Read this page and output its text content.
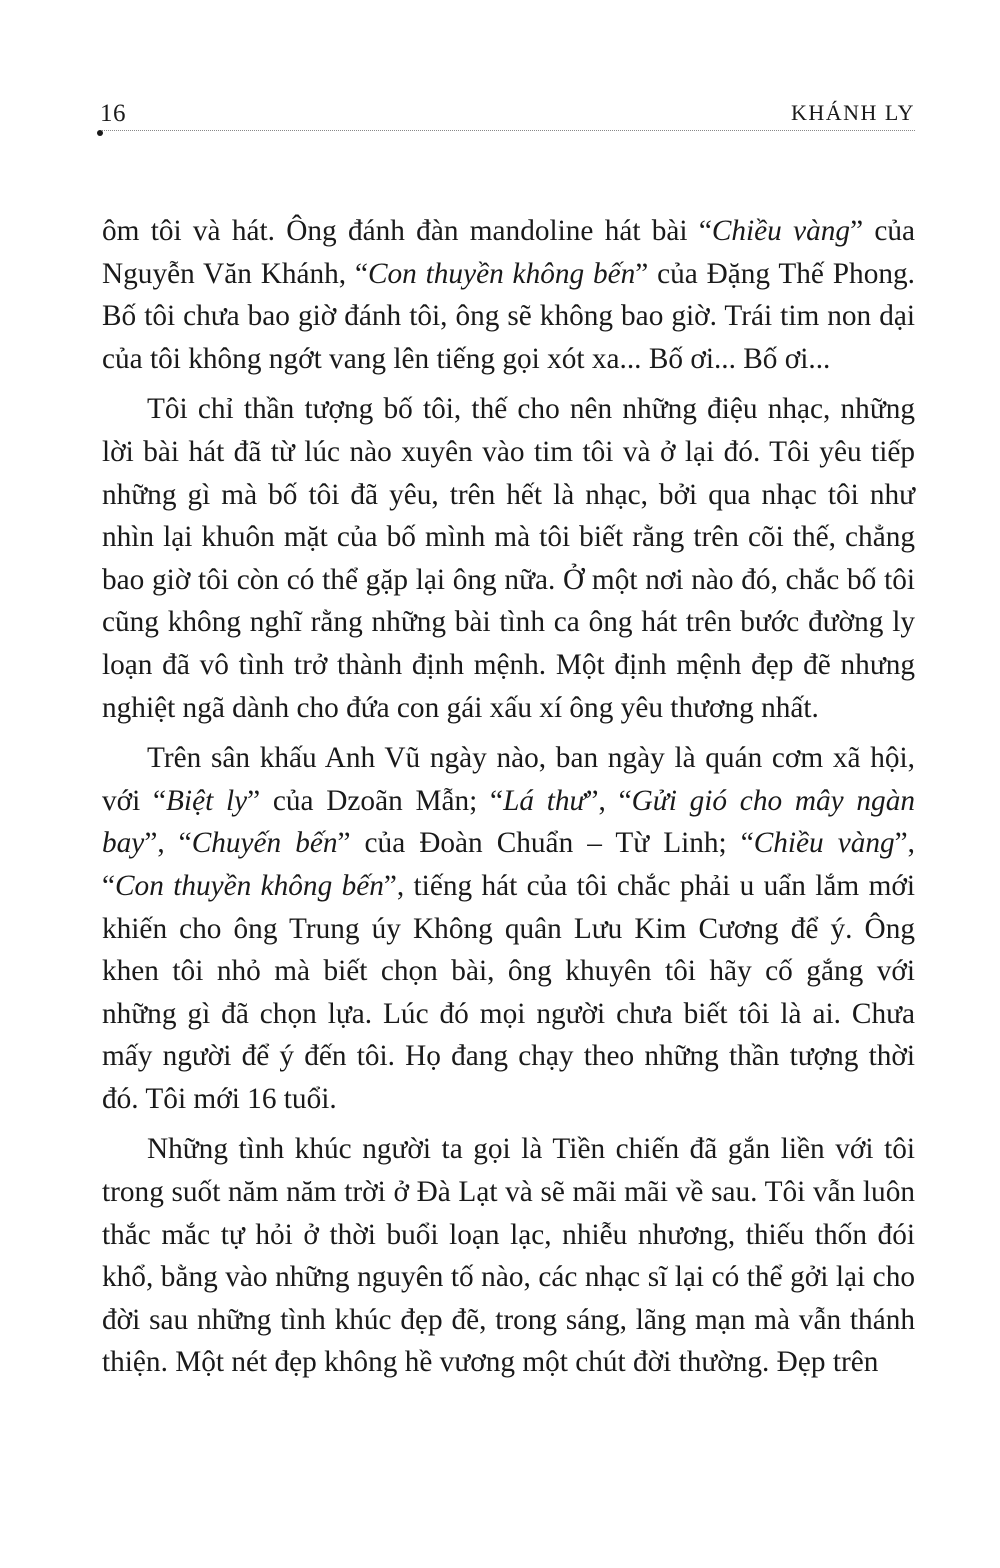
16	KHÁNH LY

ôm tôi và hát. Ông đánh đàn mandoline hát bài “Chiều vàng” của Nguyễn Văn Khánh, “Con thuyền không bến” của Đặng Thế Phong. Bố tôi chưa bao giờ đánh tôi, ông sẽ không bao giờ. Trái tim non dại của tôi không ngớt vang lên tiếng gọi xót xa... Bố ơi... Bố ơi...

Tôi chỉ thần tượng bố tôi, thế cho nên những điệu nhạc, những lời bài hát đã từ lúc nào xuyên vào tim tôi và ở lại đó. Tôi yêu tiếp những gì mà bố tôi đã yêu, trên hết là nhạc, bởi qua nhạc tôi như nhìn lại khuôn mặt của bố mình mà tôi biết rằng trên cõi thế, chẳng bao giờ tôi còn có thể gặp lại ông nữa. Ở một nơi nào đó, chắc bố tôi cũng không nghĩ rằng những bài tình ca ông hát trên bước đường ly loạn đã vô tình trở thành định mệnh. Một định mệnh đẹp đẽ nhưng nghiệt ngã dành cho đứa con gái xấu xí ông yêu thương nhất.

Trên sân khấu Anh Vũ ngày nào, ban ngày là quán cơm xã hội, với “Biệt ly” của Dzoãn Mẫn; “Lá thư”, “Gửi gió cho mây ngàn bay”, “Chuyến bến” của Đoàn Chuẩn – Từ Linh; “Chiều vàng”, “Con thuyền không bến”, tiếng hát của tôi chắc phải u uẩn lắm mới khiến cho ông Trung úy Không quân Lưu Kim Cương để ý. Ông khen tôi nhỏ mà biết chọn bài, ông khuyên tôi hãy cố gắng với những gì đã chọn lựa. Lúc đó mọi người chưa biết tôi là ai. Chưa mấy người để ý đến tôi. Họ đang chạy theo những thần tượng thời đó. Tôi mới 16 tuổi.

Những tình khúc người ta gọi là Tiền chiến đã gắn liền với tôi trong suốt năm năm trời ở Đà Lạt và sẽ mãi mãi về sau. Tôi vẫn luôn thắc mắc tự hỏi ở thời buổi loạn lạc, nhiễu nhương, thiếu thốn đói khổ, bằng vào những nguyên tố nào, các nhạc sĩ lại có thể gởi lại cho đời sau những tình khúc đẹp đẽ, trong sáng, lãng mạn mà vẫn thánh thiện. Một nét đẹp không hề vương một chút đời thường. Đẹp trên
